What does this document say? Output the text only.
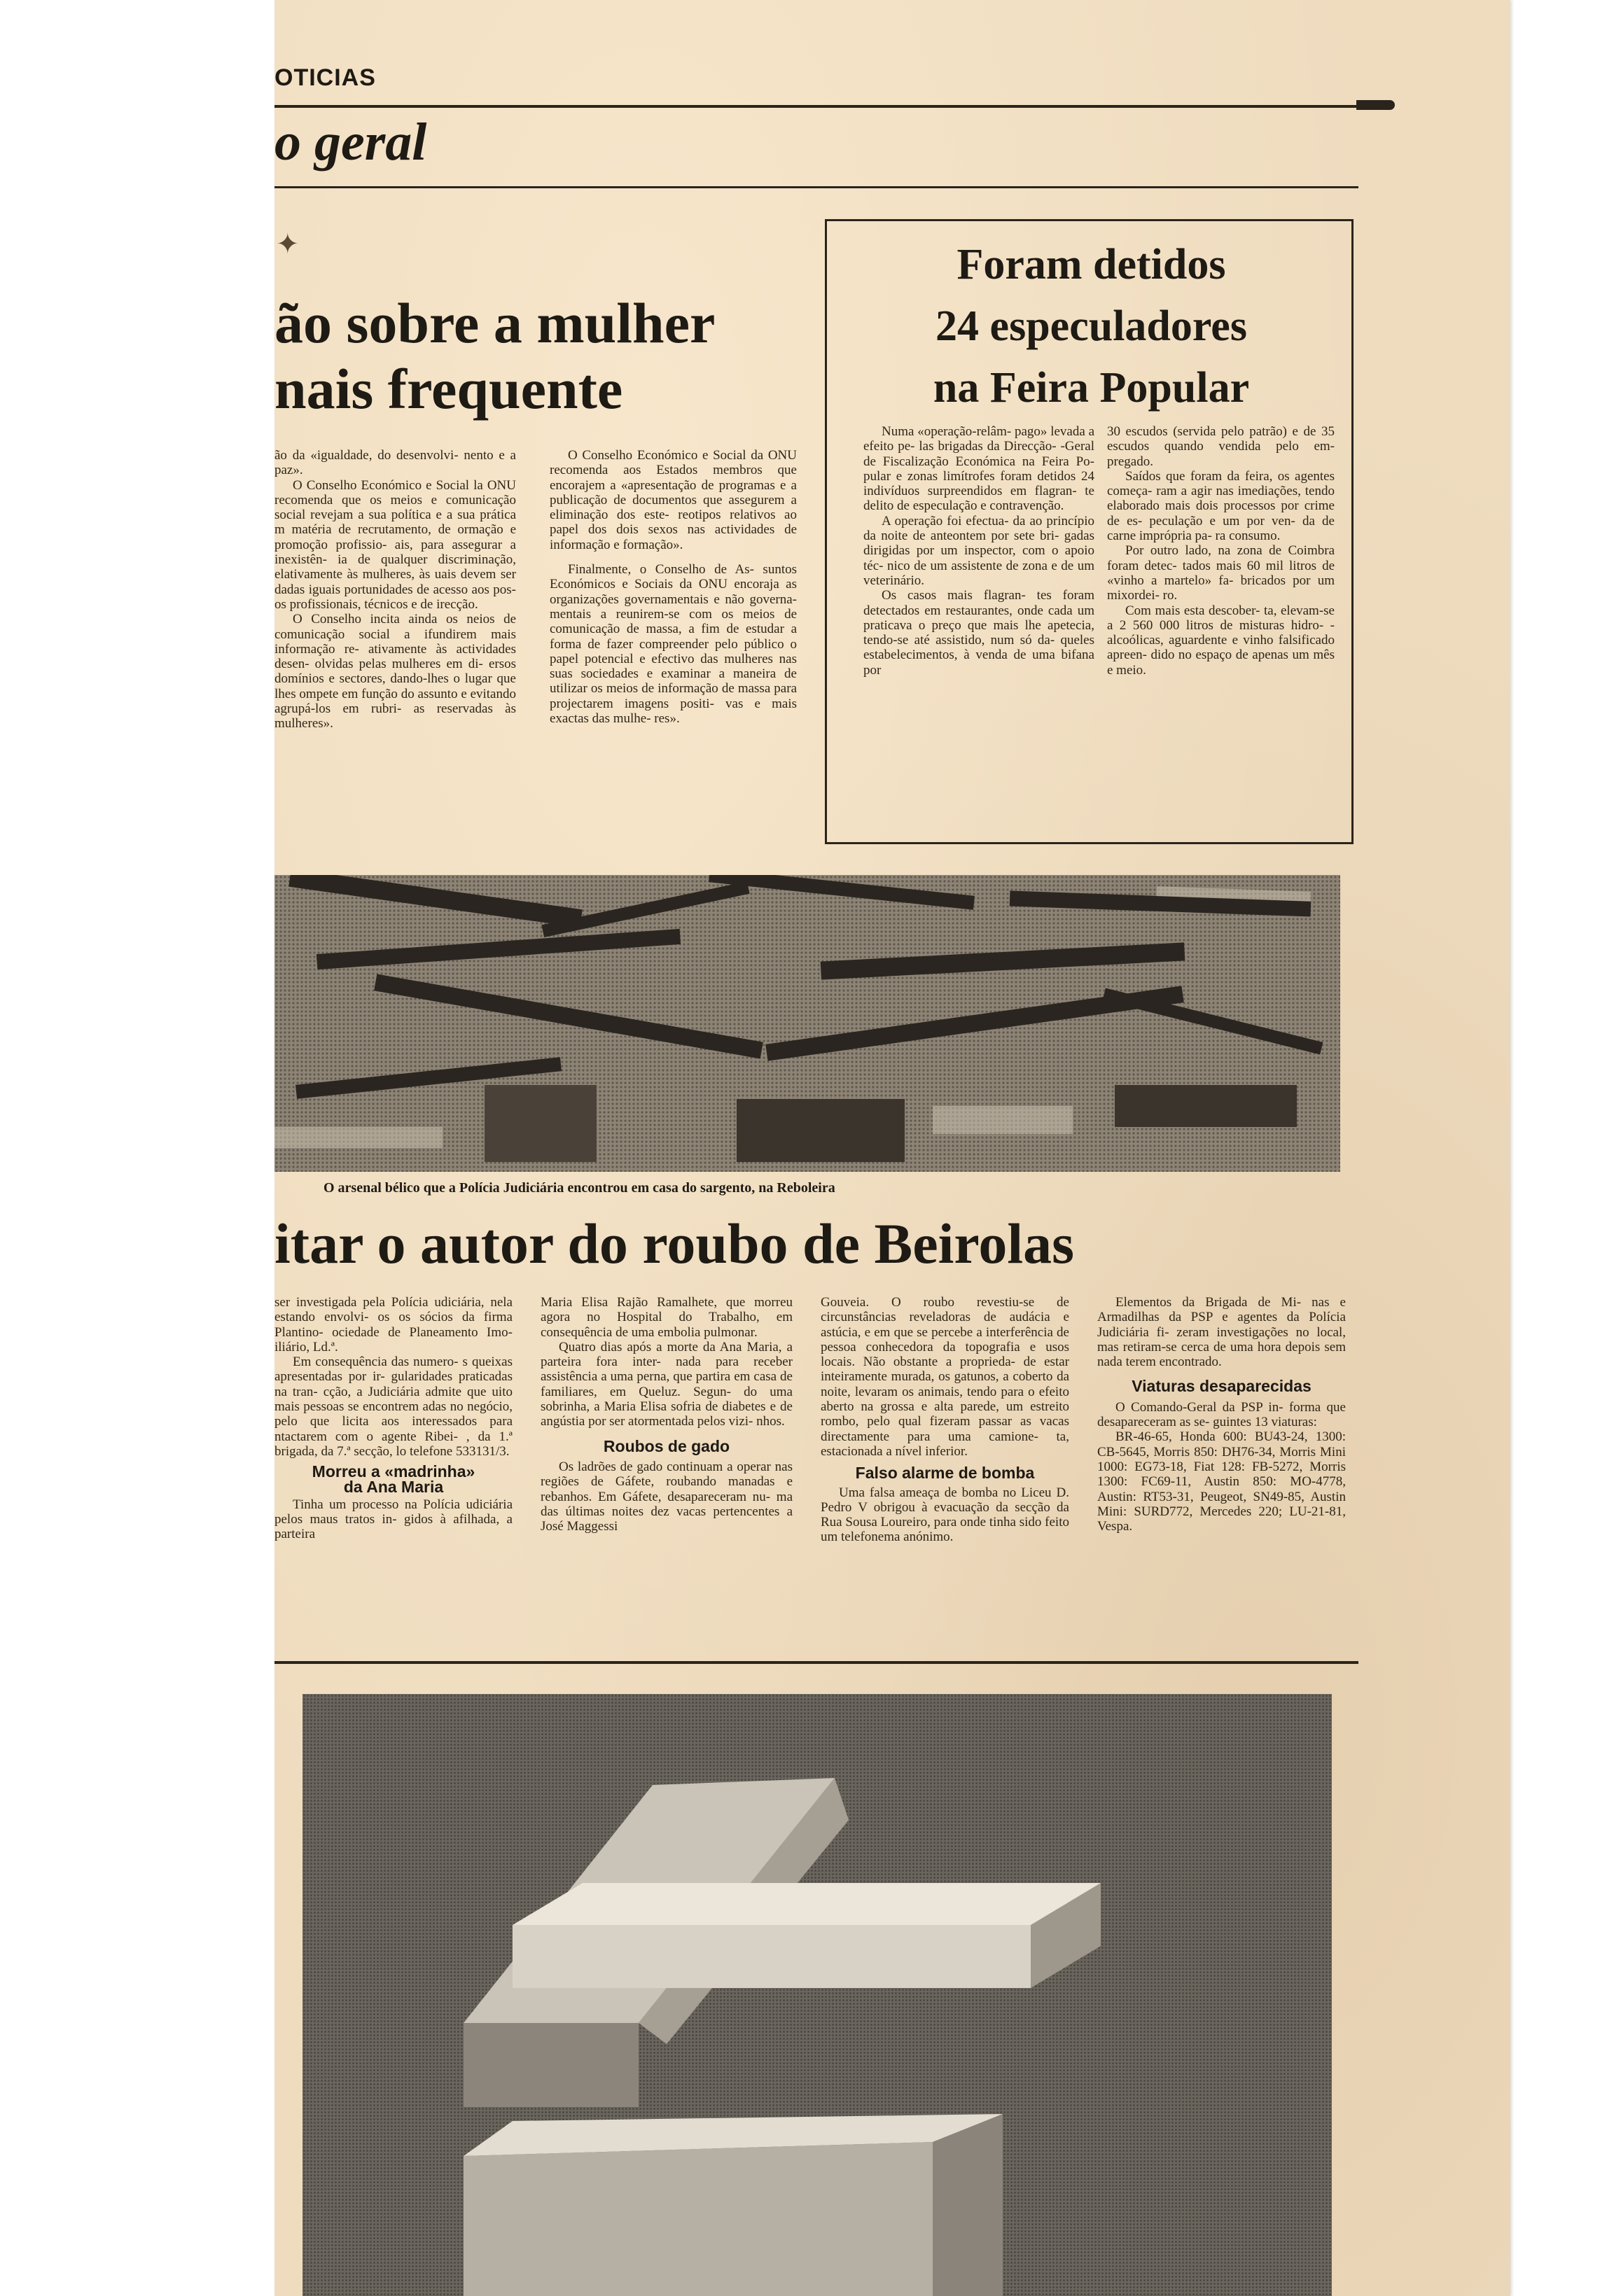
OTICIAS
o geral
✦
ão sobre a mulher
nais frequente

ão da «igualdade, do desenvolvi- nento e a paz».

O Conselho Económico e Social la ONU recomenda que os meios e comunicação social revejam a sua política e a sua prática m matéria de recrutamento, de ormação e promoção profissio- ais, para assegurar a inexistên- ia de qualquer discriminação, elativamente às mulheres, às uais devem ser dadas iguais portunidades de acesso aos pos- os profissionais, técnicos e de irecção.

O Conselho incita ainda os neios de comunicação social a ifundirem mais informação re- ativamente às actividades desen- olvidas pelas mulheres em di- ersos domínios e sectores, dando-lhes o lugar que lhes ompete em função do assunto e evitando agrupá-los em rubri- as reservadas às mulheres».

O Conselho Económico e Social da ONU recomenda aos Estados membros que encorajem a «apresentação de programas e a publicação de documentos que assegurem a eliminação dos este- reotipos relativos ao papel dos dois sexos nas actividades de informação e formação».

Finalmente, o Conselho de As- suntos Económicos e Sociais da ONU encoraja as organizações governamentais e não governa- mentais a reunirem-se com os meios de comunicação de massa, a fim de estudar a forma de fazer compreender pelo público o papel potencial e efectivo das mulheres nas suas sociedades e examinar a maneira de utilizar os meios de informação de massa para projectarem imagens positi- vas e mais exactas das mulhe- res».

Foram detidos
24 especuladores
na Feira Popular

Numa «operação-relâm- pago» levada a efeito pe- las brigadas da Direcção- -Geral de Fiscalização Económica na Feira Po- pular e zonas limítrofes foram detidos 24 indivíduos surpreendidos em flagran- te delito de especulação e contravenção.

A operação foi efectua- da ao princípio da noite de anteontem por sete bri- gadas dirigidas por um inspector, com o apoio téc- nico de um assistente de zona e de um veterinário.

Os casos mais flagran- tes foram detectados em restaurantes, onde cada um praticava o preço que mais lhe apetecia, tendo-se até assistido, num só da- queles estabelecimentos, à venda de uma bifana por

30 escudos (servida pelo patrão) e de 35 escudos quando vendida pelo em- pregado.

Saídos que foram da feira, os agentes começa- ram a agir nas imediações, tendo elaborado mais dois processos por crime de es- peculação e um por ven- da de carne imprópria pa- ra consumo.

Por outro lado, na zona de Coimbra foram detec- tados mais 60 mil litros de «vinho a martelo» fa- bricados por um mixordei- ro.

Com mais esta descober- ta, elevam-se a 2 560 000 litros de misturas hidro- -alcoólicas, aguardente e vinho falsificado apreen- dido no espaço de apenas um mês e meio.

O arsenal bélico que a Polícia Judiciária encontrou em casa do sargento, na Reboleira
itar o autor do roubo de Beirolas

ser investigada pela Polícia udiciária, nela estando envolvi- os os sócios da firma Plantino- ociedade de Planeamento Imo- iliário, Ld.ª.

Em consequência das numero- s queixas apresentadas por ir- gularidades praticadas na tran- cção, a Judiciária admite que uito mais pessoas se encontrem adas no negócio, pelo que licita aos interessados para ntactarem com o agente Ribei- , da 1.ª brigada, da 7.ª secção, lo telefone 533131/3.

Morreu a «madrinha»
da Ana Maria

Tinha um processo na Polícia udiciária pelos maus tratos in- gidos à afilhada, a parteira

Maria Elisa Rajão Ramalhete, que morreu agora no Hospital do Trabalho, em consequência de uma embolia pulmonar.

Quatro dias após a morte da Ana Maria, a parteira fora inter- nada para receber assistência a uma perna, que partira em casa de familiares, em Queluz. Segun- do uma sobrinha, a Maria Elisa sofria de diabetes e de angústia por ser atormentada pelos vizi- nhos.

Roubos de gado

Os ladrões de gado continuam a operar nas regiões de Gáfete, roubando manadas e rebanhos. Em Gáfete, desapareceram nu- ma das últimas noites dez vacas pertencentes a José Maggessi

Gouveia. O roubo revestiu-se de circunstâncias reveladoras de audácia e astúcia, e em que se percebe a interferência de pessoa conhecedora da topografia e usos locais. Não obstante a proprieda- de estar inteiramente murada, os gatunos, a coberto da noite, levaram os animais, tendo para o efeito aberto na grossa e alta parede, um estreito rombo, pelo qual fizeram passar as vacas directamente para uma camione- ta, estacionada a nível inferior.

Falso alarme de bomba

Uma falsa ameaça de bomba no Liceu D. Pedro V obrigou à evacuação da secção da Rua Sousa Loureiro, para onde tinha sido feito um telefonema anónimo.

Elementos da Brigada de Mi- nas e Armadilhas da PSP e agentes da Polícia Judiciária fi- zeram investigações no local, mas retiram-se cerca de uma hora depois sem nada terem encontrado.

Viaturas desaparecidas

O Comando-Geral da PSP in- forma que desapareceram as se- guintes 13 viaturas:

BR-46-65, Honda 600: BU43-24, 1300: CB-5645, Morris 850: DH76-34, Morris Mini 1000: EG73-18, Fiat 128: FB-5272, Morris 1300: FC69-11, Austin 850: MO-4778, Austin: RT53-31, Peugeot, SN49-85, Austin Mini: SURD772, Mercedes 220; LU-21-81, Vespa.
